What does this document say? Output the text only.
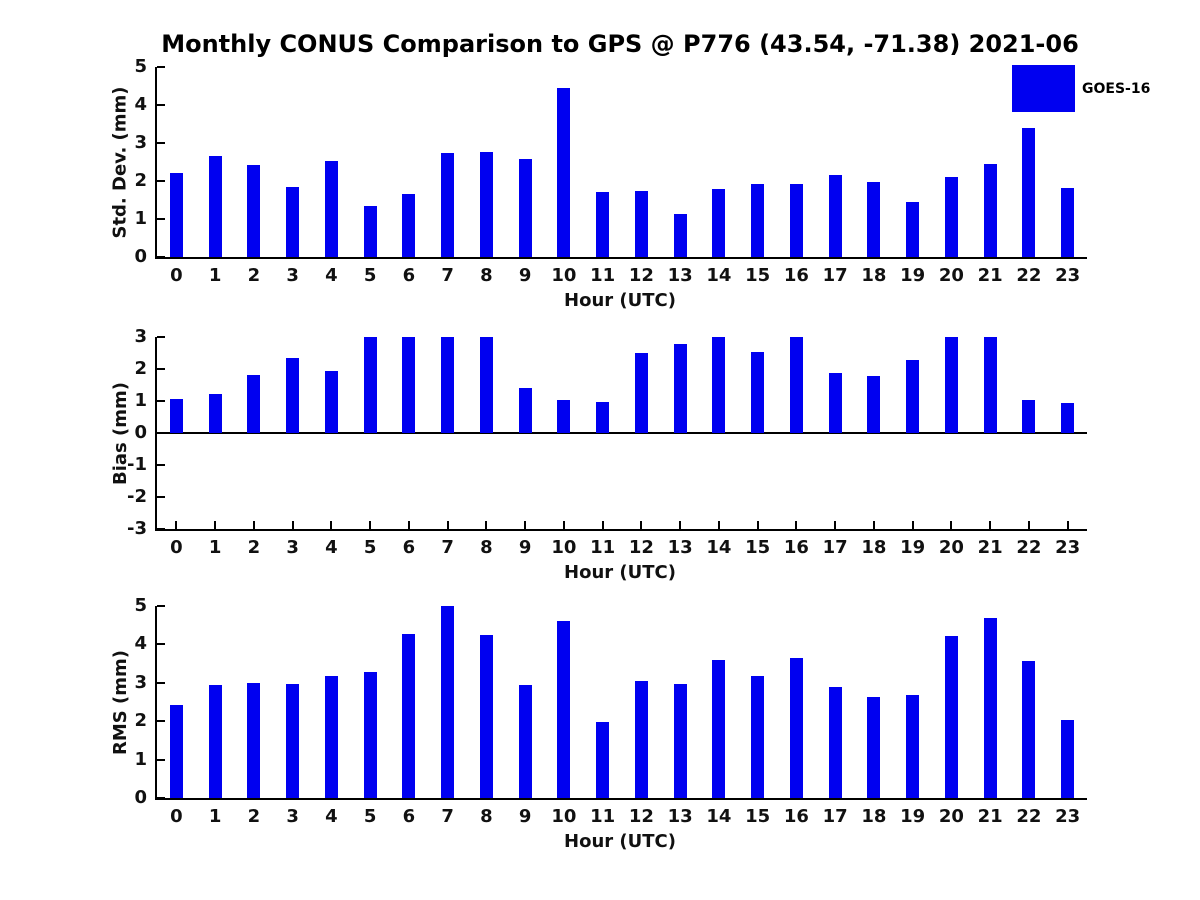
Monthly CONUS Comparison to GPS @ P776 (43.54, -71.38) 2021-06
Std. Dev. (mm)
0
1
2
3
4
5
0	1	2	3	4	5	6	7	8	9	10 11 12 13 14 15 16 17 18 19 20 21 22 23
Hour (UTC)
GOES-16
Bias (mm)
-3
-2
-1
0
1
2
3
0	1	2	3	4	5	6	7	8	9	10 11 12 13 14 15 16 17 18 19 20 21 22 23
Hour (UTC)
RMS (mm)
0
1
2
3
4
5
0	1	2	3	4	5	6	7	8	9	10 11 12 13 14 15 16 17 18 19 20 21 22 23
Hour (UTC)
